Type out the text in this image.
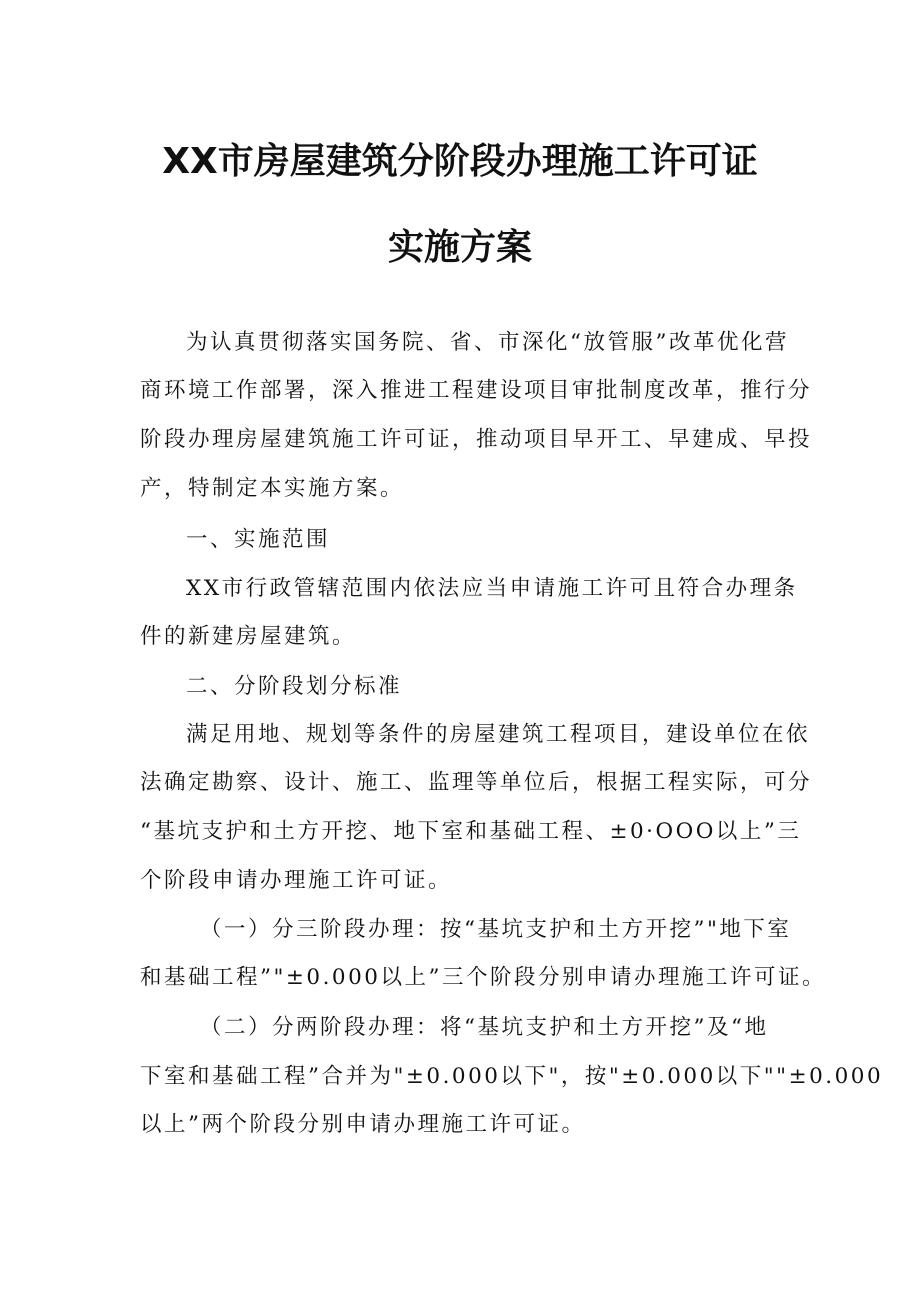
XX市房屋建筑分阶段办理施工许可证
实施方案
为认真贯彻落实国务院、省、市深化“放管服”改革优化营
商环境工作部署，深入推进工程建设项目审批制度改革，推行分
阶段办理房屋建筑施工许可证，推动项目早开工、早建成、早投
产，特制定本实施方案。
一、实施范围
XX市行政管辖范围内依法应当申请施工许可且符合办理条
件的新建房屋建筑。
二、分阶段划分标准
满足用地、规划等条件的房屋建筑工程项目，建设单位在依
法确定勘察、设计、施工、监理等单位后，根据工程实际，可分
“基坑支护和土方开挖、地下室和基础工程、±0·OOO以上”三
个阶段申请办理施工许可证。
（一）分三阶段办理：按“基坑支护和土方开挖”"地下室
和基础工程”"±0.000以上”三个阶段分别申请办理施工许可证。
（二）分两阶段办理：将“基坑支护和土方开挖”及“地
下室和基础工程”合并为"±0.000以下"，按"±0.000以下""±0.000
以上”两个阶段分别申请办理施工许可证。
